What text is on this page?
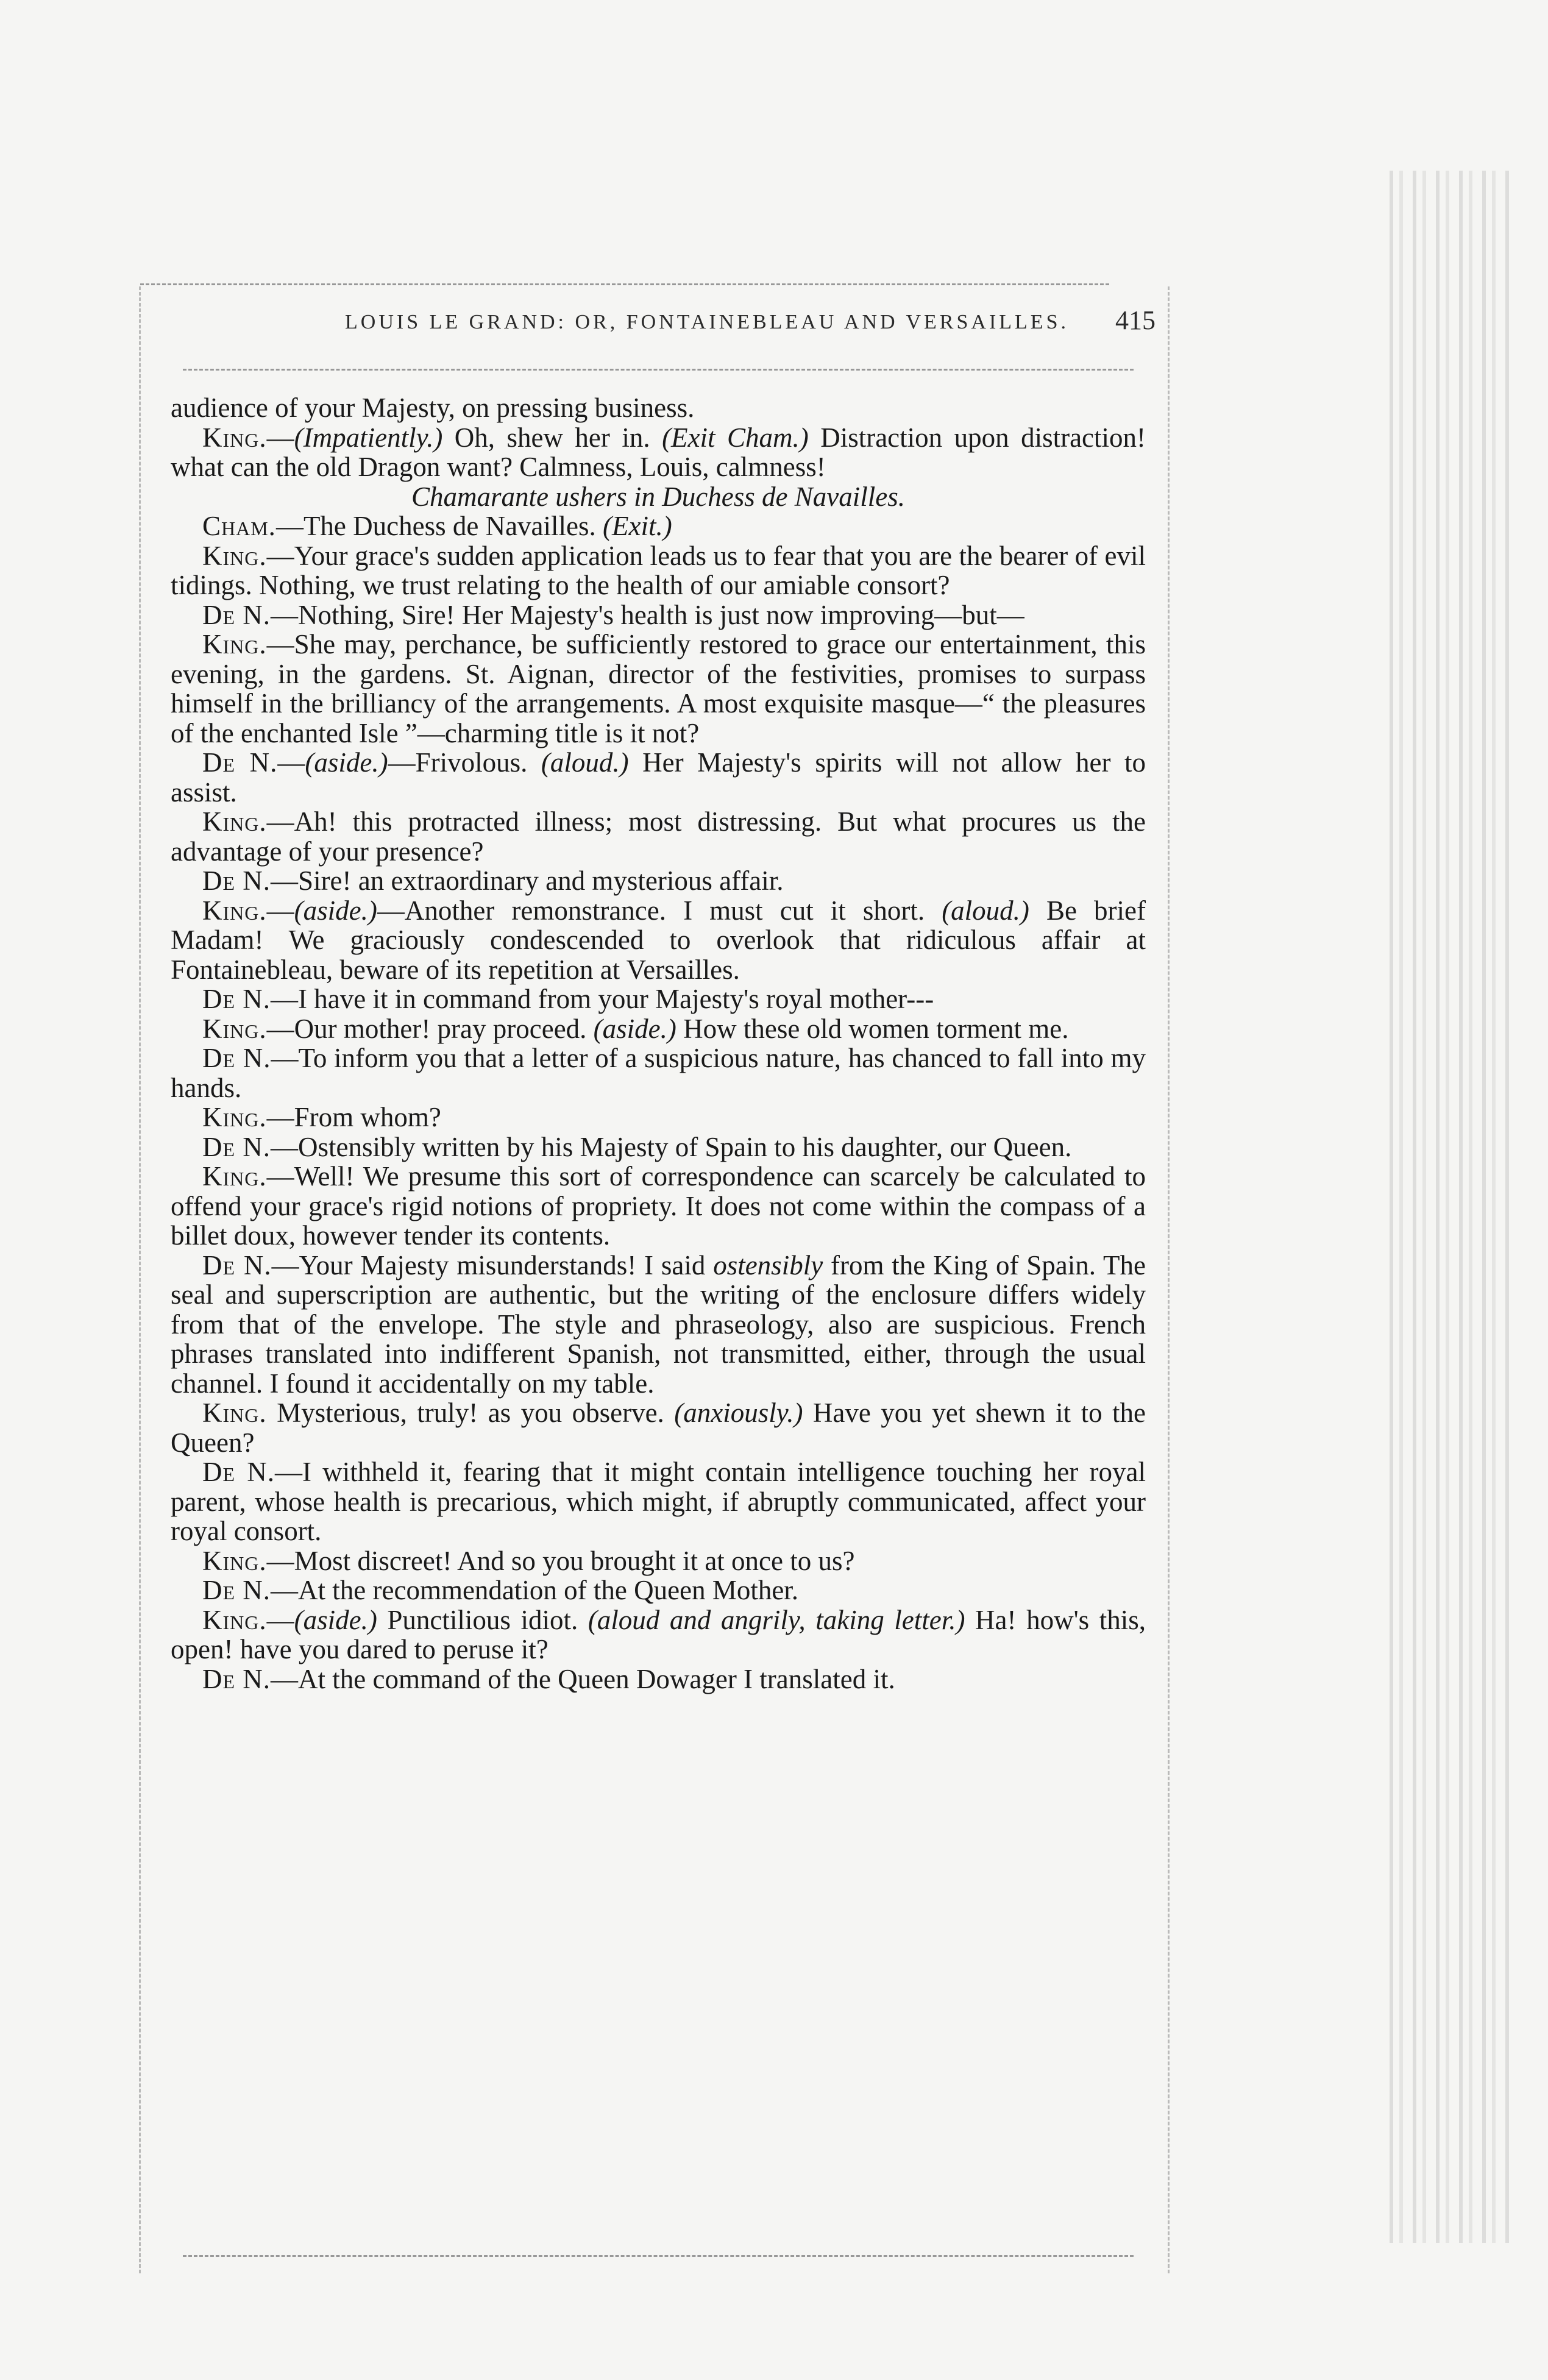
LOUIS LE GRAND: OR, FONTAINEBLEAU AND VERSAILLES.	415

audience of your Majesty, on pressing business.

King.—(Impatiently.) Oh, shew her in. (Exit Cham.) Distraction upon distraction! what can the old Dragon want? Calmness, Louis, calmness!

Chamarante ushers in Duchess de Navailles.

Cham.—The Duchess de Navailles. (Exit.)

King.—Your grace's sudden application leads us to fear that you are the bearer of evil tidings. Nothing, we trust relating to the health of our amiable consort?

De N.—Nothing, Sire! Her Majesty's health is just now improving—but—

King.—She may, perchance, be sufficiently restored to grace our entertainment, this evening, in the gardens. St. Aignan, director of the festivities, promises to surpass himself in the brilliancy of the arrangements. A most exquisite masque—“ the pleasures of the enchanted Isle ”—charming title is it not?

De N.—(aside.)—Frivolous. (aloud.) Her Majesty's spirits will not allow her to assist.

King.—Ah! this protracted illness; most distressing. But what procures us the advantage of your presence?

De N.—Sire! an extraordinary and mysterious affair.

King.—(aside.)—Another remonstrance. I must cut it short. (aloud.) Be brief Madam! We graciously condescended to overlook that ridiculous affair at Fontainebleau, beware of its repetition at Versailles.

De N.—I have it in command from your Majesty's royal mother---

King.—Our mother! pray proceed. (aside.) How these old women torment me.

De N.—To inform you that a letter of a suspicious nature, has chanced to fall into my hands.

King.—From whom?

De N.—Ostensibly written by his Majesty of Spain to his daughter, our Queen.

King.—Well! We presume this sort of correspondence can scarcely be calculated to offend your grace's rigid notions of propriety. It does not come within the compass of a billet doux, however tender its contents.

De N.—Your Majesty misunderstands! I said ostensibly from the King of Spain. The seal and superscription are authentic, but the writing of the enclosure differs widely from that of the envelope. The style and phraseology, also are suspicious. French phrases translated into indifferent Spanish, not transmitted, either, through the usual channel. I found it accidentally on my table.

King. Mysterious, truly! as you observe. (anxiously.) Have you yet shewn it to the Queen?

De N.—I withheld it, fearing that it might contain intelligence touching her royal parent, whose health is precarious, which might, if abruptly communicated, affect your royal consort.

King.—Most discreet! And so you brought it at once to us?

De N.—At the recommendation of the Queen Mother.

King.—(aside.) Punctilious idiot. (aloud and angrily, taking letter.) Ha! how's this, open! have you dared to peruse it?

De N.—At the command of the Queen Dowager I translated it.
